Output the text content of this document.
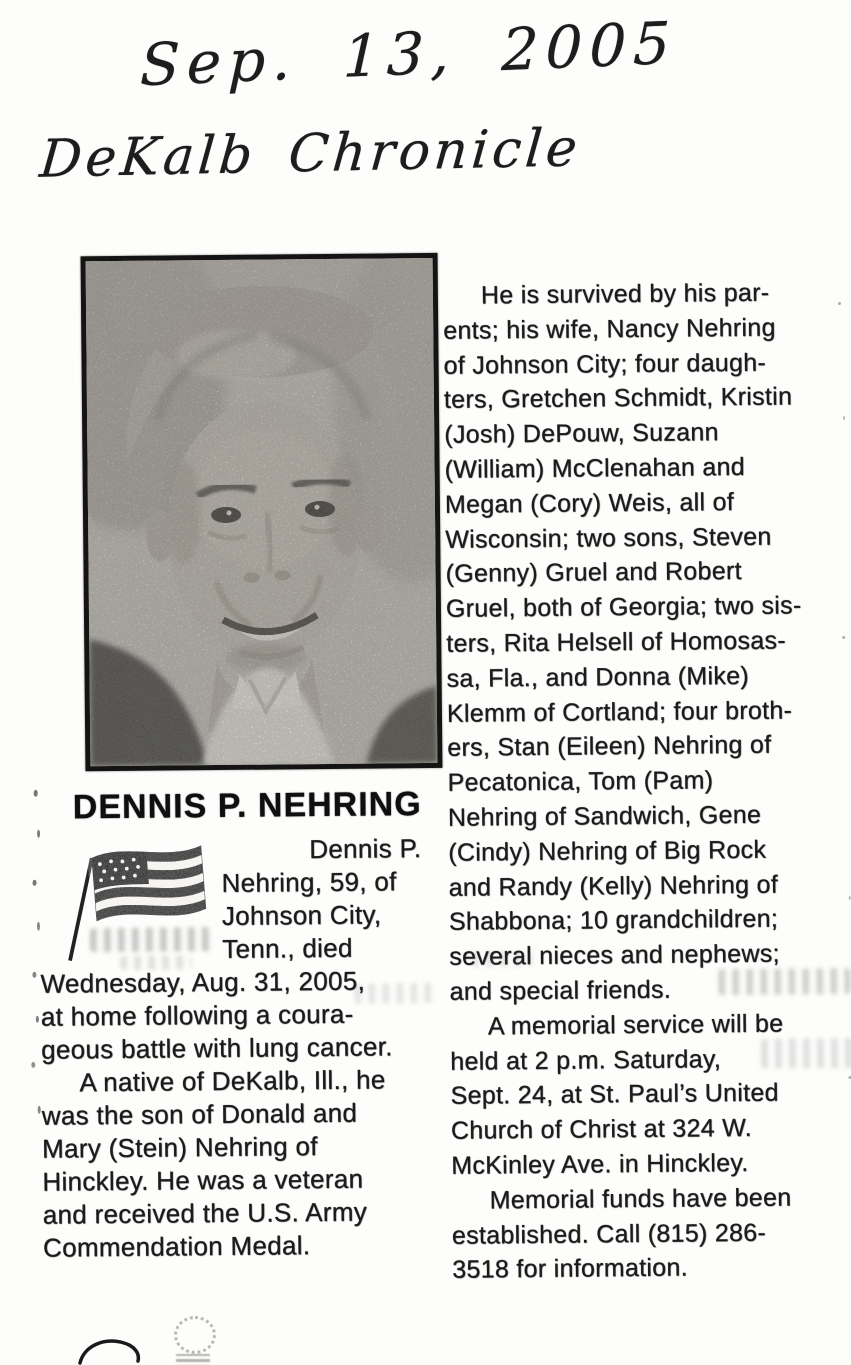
Sep. 13, 2005
DeKalb Chronicle
DENNIS P. NEHRING
Dennis P.
Nehring, 59, of
Johnson City,
Tenn., died
Wednesday, Aug. 31, 2005,
at home following a coura-
geous battle with lung cancer.
A native of DeKalb, Ill., he
was the son of Donald and
Mary (Stein) Nehring of
Hinckley. He was a veteran
and received the U.S. Army
Commendation Medal.
He is survived by his par-
ents; his wife, Nancy Nehring
of Johnson City; four daugh-
ters, Gretchen Schmidt, Kristin
(Josh) DePouw, Suzann
(William) McClenahan and
Megan (Cory) Weis, all of
Wisconsin; two sons, Steven
(Genny) Gruel and Robert
Gruel, both of Georgia; two sis-
ters, Rita Helsell of Homosas-
sa, Fla., and Donna (Mike)
Klemm of Cortland; four broth-
ers, Stan (Eileen) Nehring of
Pecatonica, Tom (Pam)
Nehring of Sandwich, Gene
(Cindy) Nehring of Big Rock
and Randy (Kelly) Nehring of
Shabbona; 10 grandchildren;
several nieces and nephews;
and special friends.
A memorial service will be
held at 2 p.m. Saturday,
Sept. 24, at St. Paul’s United
Church of Christ at 324 W.
McKinley Ave. in Hinckley.
Memorial funds have been
established. Call (815) 286-
3518 for information.
